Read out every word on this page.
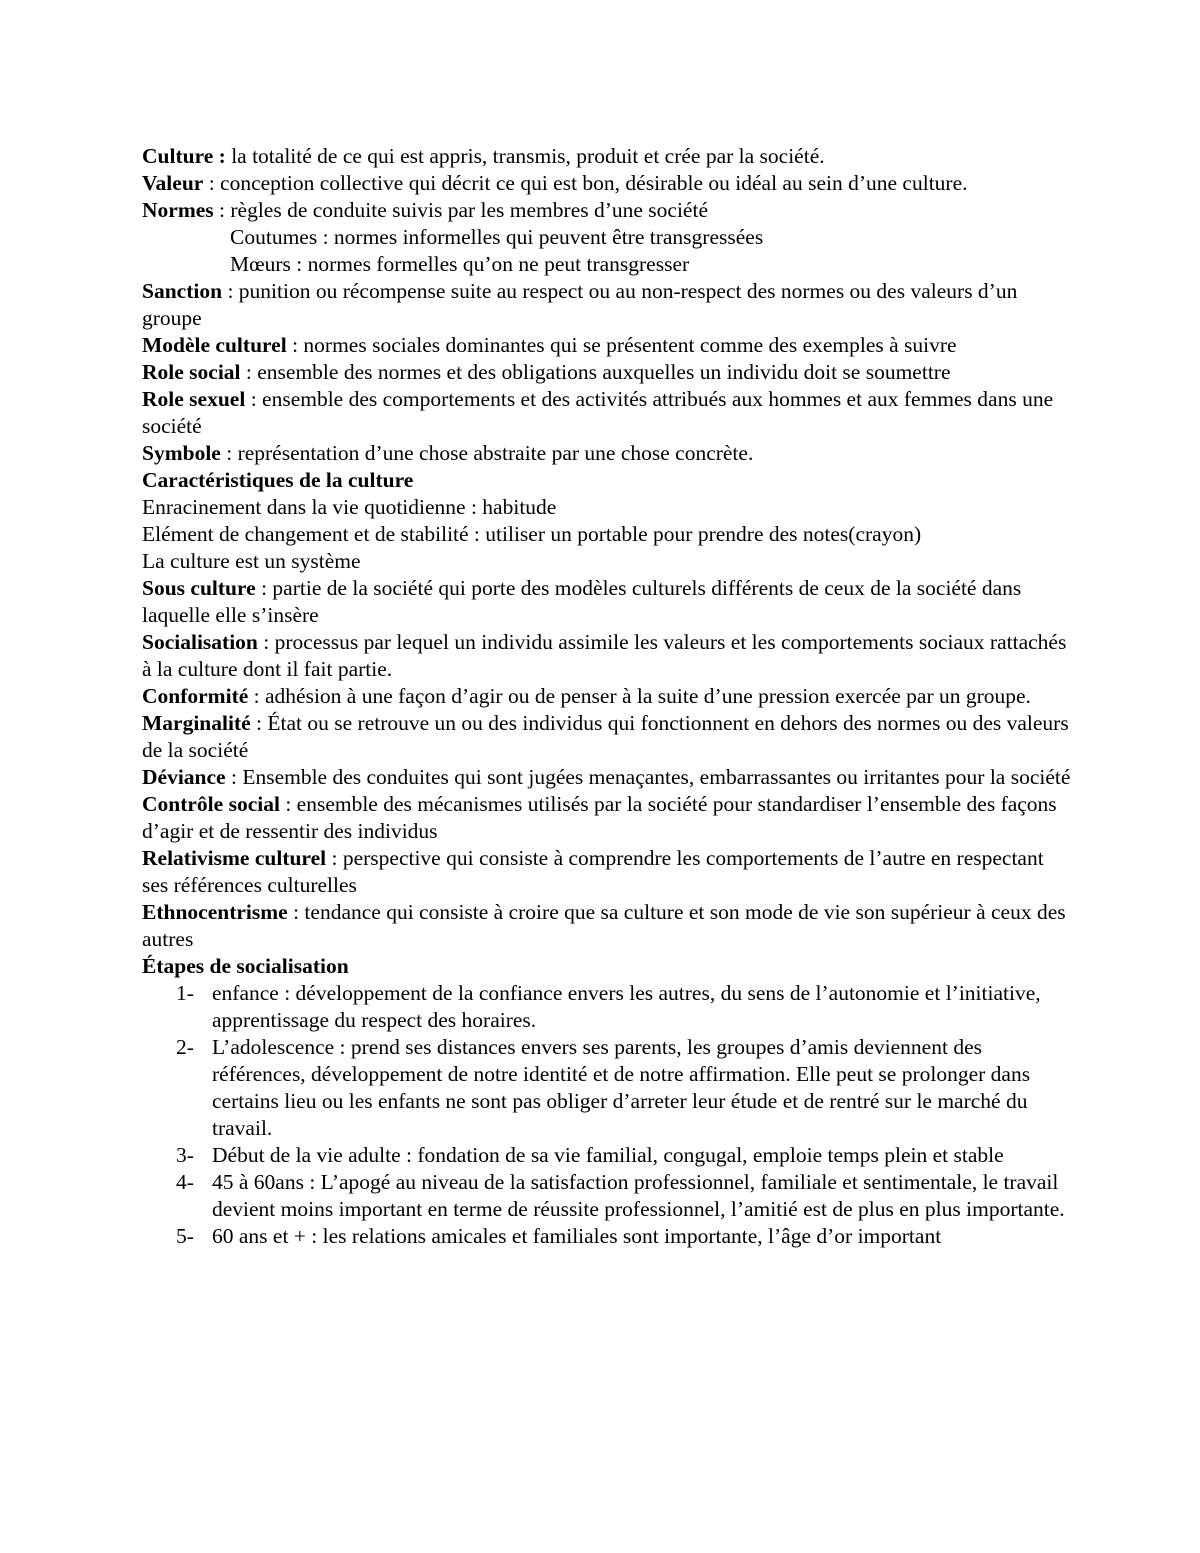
Culture : la totalité de ce qui est appris, transmis, produit et crée par la société.

Valeur : conception collective qui décrit ce qui est bon, désirable ou idéal au sein d’une culture.

Normes : règles de conduite suivis par les membres d’une société

Coutumes : normes informelles qui peuvent être transgressées

Mœurs : normes formelles qu’on ne peut transgresser

Sanction : punition ou récompense suite au respect ou au non-respect des normes ou des valeurs d’un groupe

Modèle culturel : normes sociales dominantes qui se présentent comme des exemples à suivre

Role social : ensemble des normes et des obligations auxquelles un individu doit se soumettre

Role sexuel : ensemble des comportements et des activités attribués aux hommes et aux femmes dans une société

Symbole : représentation d’une chose abstraite par une chose concrète.

Caractéristiques de la culture

Enracinement dans la vie quotidienne : habitude

Elément de changement et de stabilité : utiliser un portable pour prendre des notes(crayon)

La culture est un système

Sous culture : partie de la société qui porte des modèles culturels différents de ceux de la société dans laquelle elle s’insère

Socialisation : processus par lequel un individu assimile les valeurs et les comportements sociaux rattachés à la culture dont il fait partie.

Conformité : adhésion à une façon d’agir ou de penser à la suite d’une pression exercée par un groupe.

Marginalité : État ou se retrouve un ou des individus qui fonctionnent en dehors des normes ou des valeurs de la société

Déviance : Ensemble des conduites qui sont jugées menaçantes, embarrassantes ou irritantes pour la société

Contrôle social : ensemble des mécanismes utilisés par la société pour standardiser l’ensemble des façons d’agir et de ressentir des individus

Relativisme culturel : perspective qui consiste à comprendre les comportements de l’autre en respectant ses références culturelles

Ethnocentrisme : tendance qui consiste à croire que sa culture et son mode de vie son supérieur à ceux des autres

Étapes de socialisation

1- enfance : développement de la confiance envers les autres, du sens de l’autonomie et l’initiative, apprentissage du respect des horaires.
2- L’adolescence : prend ses distances envers ses parents, les groupes d’amis deviennent des références, développement de notre identité et de notre affirmation. Elle peut se prolonger dans certains lieu ou les enfants ne sont pas obliger d’arreter leur étude et de rentré sur le marché du travail.
3- Début de la vie adulte : fondation de sa vie familial, congugal, emploie temps plein et stable
4- 45 à 60ans : L’apogé au niveau de la satisfaction professionnel, familiale et sentimentale, le travail devient moins important en terme de réussite professionnel, l’amitié est de plus en plus importante.
5- 60 ans et + : les relations amicales et familiales sont importante, l’âge d’or important
